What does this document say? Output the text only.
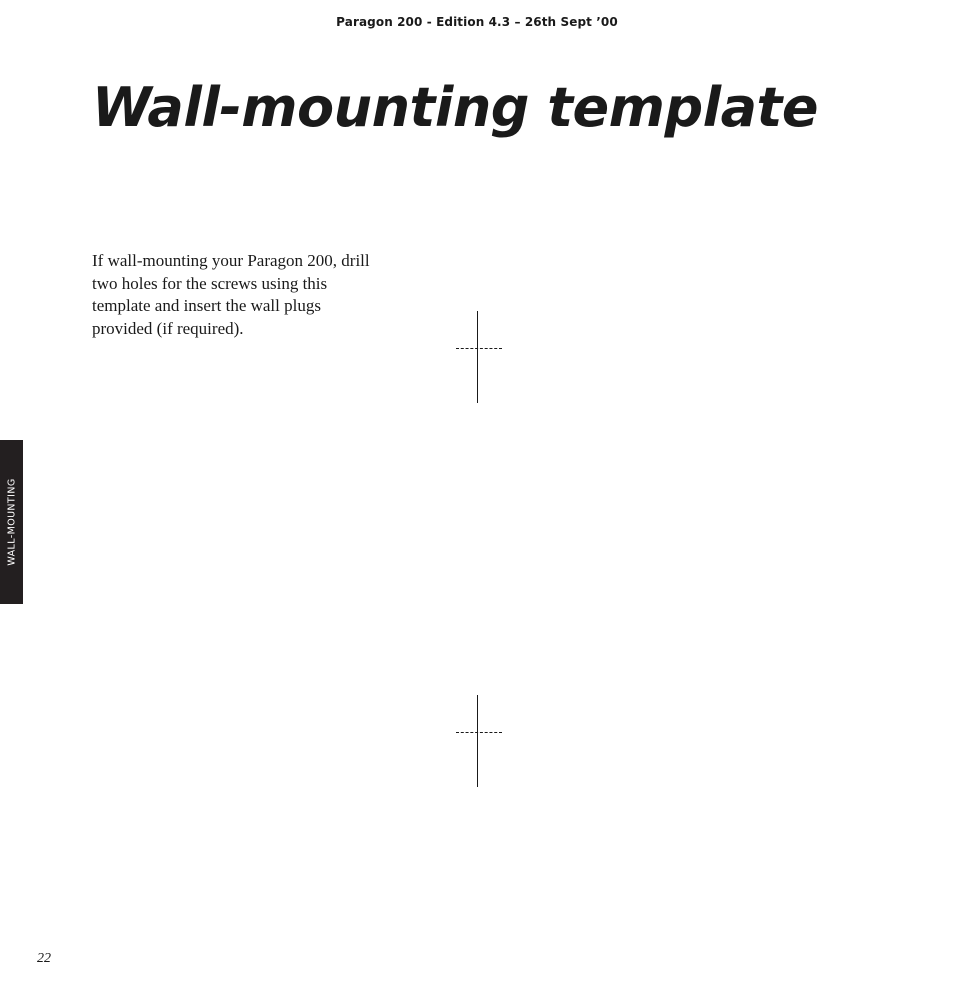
Paragon 200 - Edition 4.3 – 26th Sept ’00
Wall-mounting template

If wall-mounting your Paragon 200, drill two holes for the screws using this template and insert the wall plugs provided (if required).

WALL-MOUNTING
22
